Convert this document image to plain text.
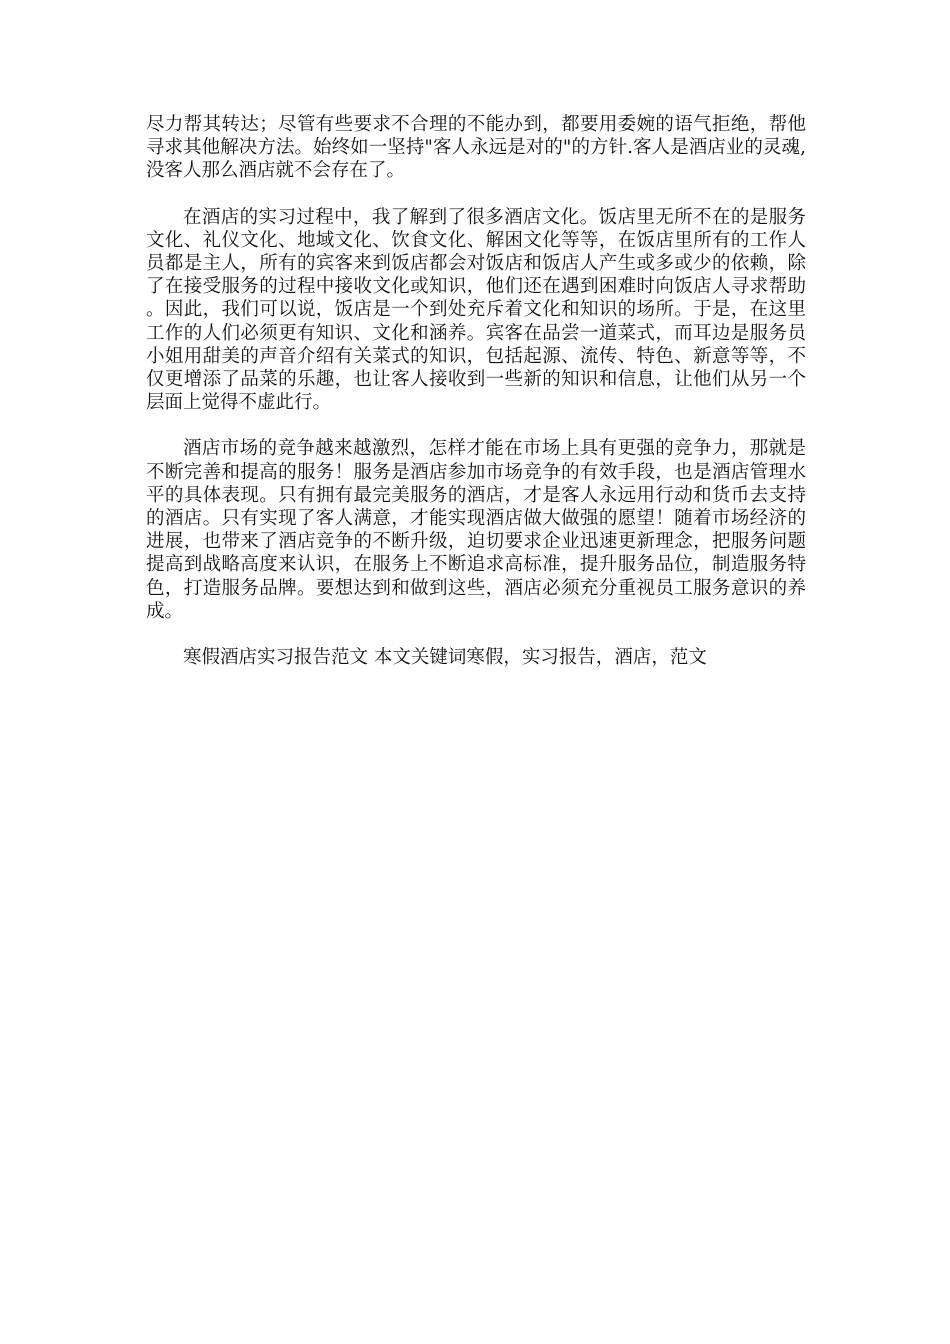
尽力帮其转达；尽管有些要求不合理的不能办到，都要用委婉的语气拒绝，帮他寻求其他解决方法。始终如一坚持"客人永远是对的"的方针.客人是酒店业的灵魂,没客人那么酒店就不会存在了。

在酒店的实习过程中，我了解到了很多酒店文化。饭店里无所不在的是服务文化、礼仪文化、地域文化、饮食文化、解困文化等等，在饭店里所有的工作人员都是主人，所有的宾客来到饭店都会对饭店和饭店人产生或多或少的依赖，除了在接受服务的过程中接收文化或知识，他们还在遇到困难时向饭店人寻求帮助。因此，我们可以说，饭店是一个到处充斥着文化和知识的场所。于是，在这里工作的人们必须更有知识、文化和涵养。宾客在品尝一道菜式，而耳边是服务员小姐用甜美的声音介绍有关菜式的知识，包括起源、流传、特色、新意等等，不仅更增添了品菜的乐趣，也让客人接收到一些新的知识和信息，让他们从另一个层面上觉得不虚此行。

酒店市场的竞争越来越激烈，怎样才能在市场上具有更强的竞争力，那就是不断完善和提高的服务！服务是酒店参加市场竞争的有效手段，也是酒店管理水平的具体表现。只有拥有最完美服务的酒店，才是客人永远用行动和货币去支持的酒店。只有实现了客人满意，才能实现酒店做大做强的愿望！随着市场经济的进展，也带来了酒店竞争的不断升级，迫切要求企业迅速更新理念，把服务问题提高到战略高度来认识，在服务上不断追求高标准，提升服务品位，制造服务特色，打造服务品牌。要想达到和做到这些，酒店必须充分重视员工服务意识的养成。

寒假酒店实习报告范文 本文关键词寒假，实习报告，酒店，范文
